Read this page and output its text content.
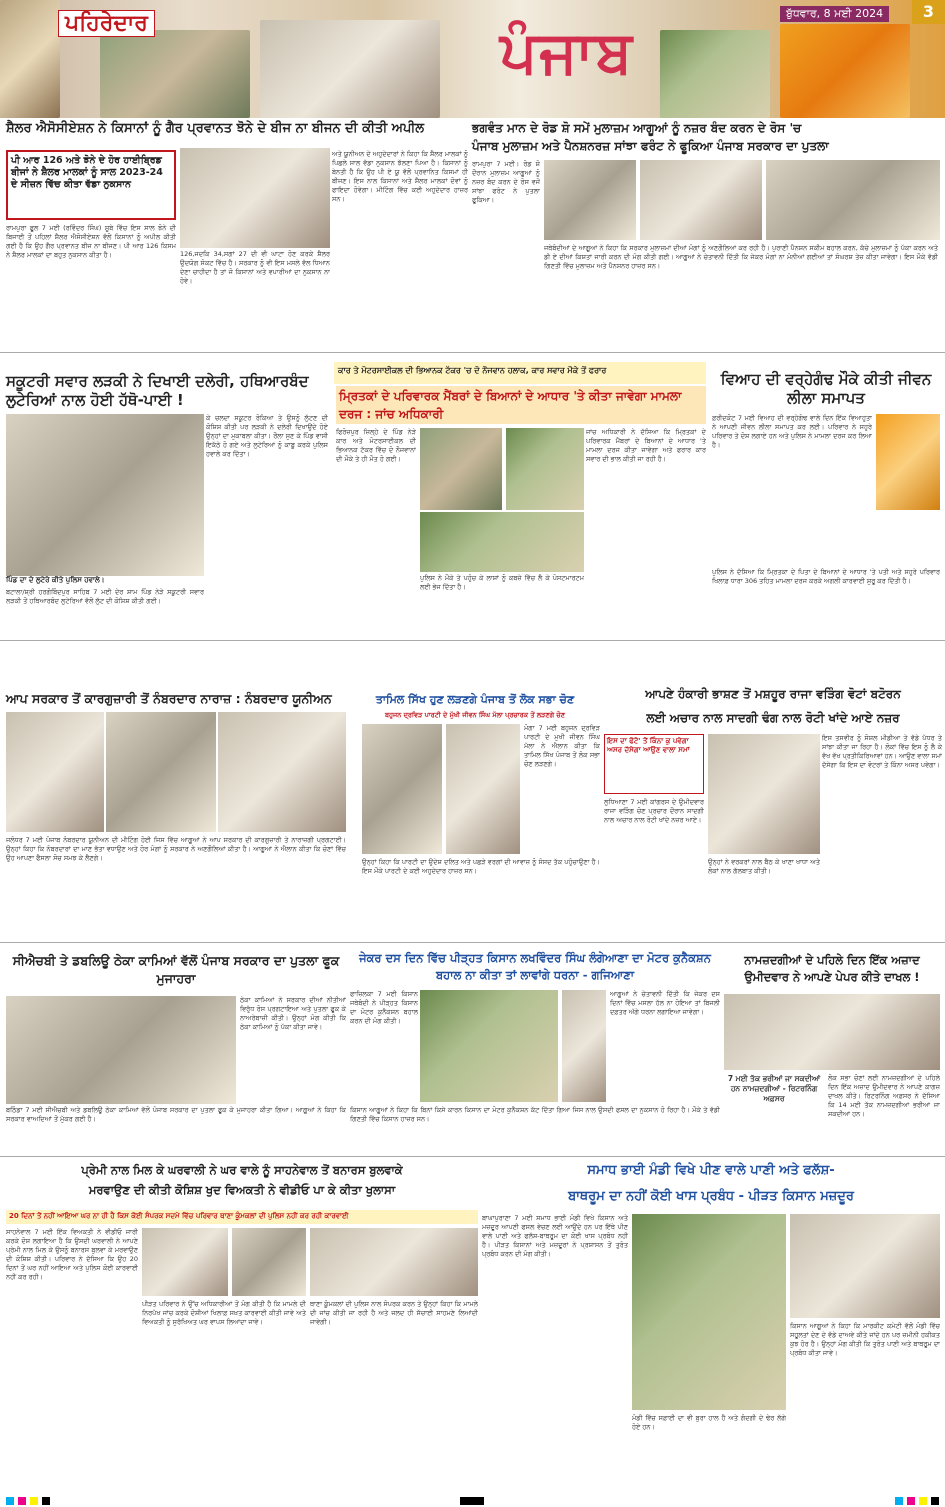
ਪਹਿਰੇਦਾਰ	ਪੰਜਾਬ
ਬੁੱਧਵਾਰ, 8 ਮਈ 2024	3
ਸ਼ੈਲਰ ਐਸੋਸੀਏਸ਼ਨ ਨੇ ਕਿਸਾਨਾਂ ਨੂੰ ਗੈਰ ਪ੍ਰਵਾਨਤ ਝੋਨੇ ਦੇ ਬੀਜ ਨਾ ਬੀਜਨ ਦੀ ਕੀਤੀ ਅਪੀਲ
ਪੀ ਆਰ 126 ਅਤੇ ਝੋਨੇ ਦੇ ਹੋਰ ਹਾਈਬ੍ਰਿਡ ਬੀਜਾਂ ਨੇ ਸ਼ੈਲਰ ਮਾਲਕਾਂ ਨੂੰ ਸਾਲ 2023-24 ਦੇ ਸੀਜ਼ਨ ਵਿੱਚ ਕੀਤਾ ਵੱਡਾ ਨੁਕਸਾਨ
ਅਤੇ ਯੂਨੀਅਨ ਦੇ ਅਹੁਦੇਦਾਰਾਂ ਨੇ ਕਿਹਾ ਕਿ ਸ਼ੈਲਰ ਮਾਲਕਾਂ ਨੂੰ ਪਿਛਲੇ ਸਾਲ ਵੱਡਾ ਨੁਕਸਾਨ ਝੱਲਣਾ ਪਿਆ ਹੈ। ਕਿਸਾਨਾਂ ਨੂੰ ਬੇਨਤੀ ਹੈ ਕਿ ਉਹ ਪੀ ਏ ਯੂ ਵੱਲੋਂ ਪ੍ਰਵਾਨਿਤ ਕਿਸਮਾਂ ਹੀ ਬੀਜਣ। ਇਸ ਨਾਲ ਕਿਸਾਨਾਂ ਅਤੇ ਸ਼ੈਲਰ ਮਾਲਕਾਂ ਦੋਵਾਂ ਨੂੰ ਫਾਇਦਾ ਹੋਵੇਗਾ। ਮੀਟਿੰਗ ਵਿੱਚ ਕਈ ਅਹੁਦੇਦਾਰ ਹਾਜ਼ਰ ਸਨ।
ਰਾਮਪੁਰਾ ਫੂਲ 7 ਮਈ (ਰਵਿੰਦਰ ਸਿੰਘ) ਸੂਬੇ ਵਿੱਚ ਇਸ ਸਾਲ ਝੋਨੇ ਦੀ ਬਿਜਾਈ ਤੋਂ ਪਹਿਲਾਂ ਸ਼ੈਲਰ ਐਸੋਸੀਏਸ਼ਨ ਵੱਲੋਂ ਕਿਸਾਨਾਂ ਨੂੰ ਅਪੀਲ ਕੀਤੀ ਗਈ ਹੈ ਕਿ ਉਹ ਗੈਰ ਪ੍ਰਵਾਨਤ ਬੀਜ ਨਾ ਬੀਜਣ। ਪੀ ਆਰ 126 ਕਿਸਮ ਨੇ ਸ਼ੈਲਰ ਮਾਲਕਾਂ ਦਾ ਬਹੁਤ ਨੁਕਸਾਨ ਕੀਤਾ ਹੈ।	126,ਜਦਕਿ 34,ਸਗਾਂ 27 ਦੀ ਵੀ ਘਾਟਾ ਹੋਣ ਕਰਕੇ ਸ਼ੈਲਰ ਉਦਯੋਗ ਸੰਕਟ ਵਿੱਚ ਹੈ। ਸਰਕਾਰ ਨੂੰ ਵੀ ਇਸ ਮਸਲੇ ਵੱਲ ਧਿਆਨ ਦੇਣਾ ਚਾਹੀਦਾ ਹੈ ਤਾਂ ਜੋ ਕਿਸਾਨਾਂ ਅਤੇ ਵਪਾਰੀਆਂ ਦਾ ਨੁਕਸਾਨ ਨਾ ਹੋਵੇ।
ਭਗਵੰਤ ਮਾਨ ਦੇ ਰੋਡ ਸ਼ੋ ਸਮੇਂ ਮੁਲਾਜ਼ਮ ਆਗੂਆਂ ਨੂੰ ਨਜ਼ਰ ਬੰਦ ਕਰਨ ਦੇ ਰੋਸ 'ਚ
ਪੰਜਾਬ ਮੁਲਾਜ਼ਮ ਅਤੇ ਪੈਨਸ਼ਨਰਜ਼ ਸਾਂਝਾ ਫਰੰਟ ਨੇ ਫੂਕਿਆ ਪੰਜਾਬ ਸਰਕਾਰ ਦਾ ਪੁਤਲਾ
ਰਾਮਪੁਰਾ 7 ਮਈ। ਰੋਡ ਸ਼ੋ ਦੌਰਾਨ ਮੁਲਾਜ਼ਮ ਆਗੂਆਂ ਨੂੰ ਨਜ਼ਰ ਬੰਦ ਕਰਨ ਦੇ ਰੋਸ ਵਜੋਂ ਸਾਂਝਾ ਫਰੰਟ ਨੇ ਪੁਤਲਾ ਫੂਕਿਆ।
ਜਥੇਬੰਦੀਆਂ ਦੇ ਆਗੂਆਂ ਨੇ ਕਿਹਾ ਕਿ ਸਰਕਾਰ ਮੁਲਾਜ਼ਮਾਂ ਦੀਆਂ ਮੰਗਾਂ ਨੂੰ ਅਣਗੌਲਿਆਂ ਕਰ ਰਹੀ ਹੈ। ਪੁਰਾਣੀ ਪੈਨਸ਼ਨ ਸਕੀਮ ਬਹਾਲ ਕਰਨ, ਕੱਚੇ ਮੁਲਾਜ਼ਮਾਂ ਨੂੰ ਪੱਕਾ ਕਰਨ ਅਤੇ ਡੀ ਏ ਦੀਆਂ ਕਿਸ਼ਤਾਂ ਜਾਰੀ ਕਰਨ ਦੀ ਮੰਗ ਕੀਤੀ ਗਈ। ਆਗੂਆਂ ਨੇ ਚੇਤਾਵਨੀ ਦਿੱਤੀ ਕਿ ਜੇਕਰ ਮੰਗਾਂ ਨਾ ਮੰਨੀਆਂ ਗਈਆਂ ਤਾਂ ਸੰਘਰਸ਼ ਤੇਜ਼ ਕੀਤਾ ਜਾਵੇਗਾ। ਇਸ ਮੌਕੇ ਵੱਡੀ ਗਿਣਤੀ ਵਿੱਚ ਮੁਲਾਜ਼ਮ ਅਤੇ ਪੈਨਸ਼ਨਰ ਹਾਜ਼ਰ ਸਨ।
ਸਕੂਟਰੀ ਸਵਾਰ ਲੜਕੀ ਨੇ ਦਿਖਾਈ ਦਲੇਰੀ, ਹਥਿਆਰਬੰਦ ਲੁਟੇਰਿਆਂ ਨਾਲ ਹੋਈ ਹੱਥੋ-ਪਾਈ !
ਪਿੰਡ ਦਾ ਦੇ ਲੁਟੇਰੇ ਕੀਤੇ ਪੁਲਿਸ ਹਵਾਲੇ।
ਕੇ ਚਲਦਾ ਸਕੂਟਰ ਰੋਕਿਆ ਤੇ ਉਸਨੂੰ ਲੁੱਟਣ ਦੀ ਕੋਸ਼ਿਸ਼ ਕੀਤੀ ਪਰ ਲੜਕੀ ਨੇ ਦਲੇਰੀ ਦਿਖਾਉਂਦੇ ਹੋਏ ਉਨ੍ਹਾਂ ਦਾ ਮੁਕਾਬਲਾ ਕੀਤਾ। ਰੌਲਾ ਸੁਣ ਕੇ ਪਿੰਡ ਵਾਸੀ ਇਕੱਠੇ ਹੋ ਗਏ ਅਤੇ ਲੁਟੇਰਿਆਂ ਨੂੰ ਕਾਬੂ ਕਰਕੇ ਪੁਲਿਸ ਹਵਾਲੇ ਕਰ ਦਿੱਤਾ।
ਬਟਾਲਾ/ਸ਼੍ਰੀ ਹਰਗੋਬਿੰਦਪੁਰ ਸਾਹਿਬ 7 ਮਈ ਦੇਰ ਸ਼ਾਮ ਪਿੰਡ ਨੇੜੇ ਸਕੂਟਰੀ ਸਵਾਰ ਲੜਕੀ ਤੋਂ ਹਥਿਆਰਬੰਦ ਲੁਟੇਰਿਆਂ ਵੱਲੋਂ ਲੁੱਟ ਦੀ ਕੋਸ਼ਿਸ਼ ਕੀਤੀ ਗਈ।
ਕਾਰ ਤੇ ਮੋਟਰਸਾਈਕਲ ਦੀ ਭਿਆਨਕ ਟੱਕਰ 'ਚ ਦੋ ਨੌਜਵਾਨ ਹਲਾਕ, ਕਾਰ ਸਵਾਰ ਮੌਕੇ ਤੋਂ ਫਰਾਰ
ਮ੍ਰਿਤਕਾਂ ਦੇ ਪਰਿਵਾਰਕ ਮੈਂਬਰਾਂ ਦੇ ਬਿਆਨਾਂ ਦੇ ਆਧਾਰ 'ਤੇ ਕੀਤਾ ਜਾਵੇਗਾ ਮਾਮਲਾ ਦਰਜ : ਜਾਂਚ ਅਧਿਕਾਰੀ
ਫਿਰੋਜ਼ਪੁਰ ਜ਼ਿਲ੍ਹੇ ਦੇ ਪਿੰਡ ਨੇੜੇ ਕਾਰ ਅਤੇ ਮੋਟਰਸਾਈਕਲ ਦੀ ਭਿਆਨਕ ਟੱਕਰ ਵਿੱਚ ਦੋ ਨੌਜਵਾਨਾਂ ਦੀ ਮੌਕੇ ਤੇ ਹੀ ਮੌਤ ਹੋ ਗਈ।
ਪੁਲਿਸ ਨੇ ਮੌਕੇ ਤੇ ਪਹੁੰਚ ਕੇ ਲਾਸ਼ਾਂ ਨੂੰ ਕਬਜ਼ੇ ਵਿੱਚ ਲੈ ਕੇ ਪੋਸਟਮਾਰਟਮ ਲਈ ਭੇਜ ਦਿੱਤਾ ਹੈ।
ਜਾਂਚ ਅਧਿਕਾਰੀ ਨੇ ਦੱਸਿਆ ਕਿ ਮ੍ਰਿਤਕਾਂ ਦੇ ਪਰਿਵਾਰਕ ਮੈਂਬਰਾਂ ਦੇ ਬਿਆਨਾਂ ਦੇ ਆਧਾਰ 'ਤੇ ਮਾਮਲਾ ਦਰਜ ਕੀਤਾ ਜਾਵੇਗਾ ਅਤੇ ਫਰਾਰ ਕਾਰ ਸਵਾਰ ਦੀ ਭਾਲ ਕੀਤੀ ਜਾ ਰਹੀ ਹੈ।
ਵਿਆਹ ਦੀ ਵਰ੍ਹੇਗੰਢ ਮੌਕੇ ਕੀਤੀ ਜੀਵਨ ਲੀਲਾ ਸਮਾਪਤ
ਫ਼ਰੀਦਕੋਟ 7 ਮਈ ਵਿਆਹ ਦੀ ਵਰ੍ਹੇਗੰਢ ਵਾਲੇ ਦਿਨ ਇੱਕ ਵਿਆਹੁਤਾ ਨੇ ਆਪਣੀ ਜੀਵਨ ਲੀਲਾ ਸਮਾਪਤ ਕਰ ਲਈ। ਪਰਿਵਾਰ ਨੇ ਸਹੁਰੇ ਪਰਿਵਾਰ ਤੇ ਦੋਸ਼ ਲਗਾਏ ਹਨ ਅਤੇ ਪੁਲਿਸ ਨੇ ਮਾਮਲਾ ਦਰਜ ਕਰ ਲਿਆ ਹੈ।
ਪੁਲਿਸ ਨੇ ਦੱਸਿਆ ਕਿ ਮ੍ਰਿਤਕਾ ਦੇ ਪਿਤਾ ਦੇ ਬਿਆਨਾਂ ਦੇ ਆਧਾਰ 'ਤੇ ਪਤੀ ਅਤੇ ਸਹੁਰੇ ਪਰਿਵਾਰ ਖਿਲਾਫ਼ ਧਾਰਾ 306 ਤਹਿਤ ਮਾਮਲਾ ਦਰਜ ਕਰਕੇ ਅਗਲੀ ਕਾਰਵਾਈ ਸ਼ੁਰੂ ਕਰ ਦਿੱਤੀ ਹੈ।
ਆਪ ਸਰਕਾਰ ਤੋਂ ਕਾਰਗੁਜ਼ਾਰੀ ਤੋਂ ਨੰਬਰਦਾਰ ਨਾਰਾਜ਼ : ਨੰਬਰਦਾਰ ਯੂਨੀਅਨ
ਜਲੰਧਰ 7 ਮਈ ਪੰਜਾਬ ਨੰਬਰਦਾਰ ਯੂਨੀਅਨ ਦੀ ਮੀਟਿੰਗ ਹੋਈ ਜਿਸ ਵਿੱਚ ਆਗੂਆਂ ਨੇ ਆਪ ਸਰਕਾਰ ਦੀ ਕਾਰਗੁਜ਼ਾਰੀ ਤੇ ਨਾਰਾਜ਼ਗੀ ਪ੍ਰਗਟਾਈ। ਉਨ੍ਹਾਂ ਕਿਹਾ ਕਿ ਨੰਬਰਦਾਰਾਂ ਦਾ ਮਾਣ ਭੱਤਾ ਵਧਾਉਣ ਅਤੇ ਹੋਰ ਮੰਗਾਂ ਨੂੰ ਸਰਕਾਰ ਨੇ ਅਣਗੌਲਿਆਂ ਕੀਤਾ ਹੈ। ਆਗੂਆਂ ਨੇ ਐਲਾਨ ਕੀਤਾ ਕਿ ਚੋਣਾਂ ਵਿੱਚ ਉਹ ਆਪਣਾ ਫੈਸਲਾ ਸੋਚ ਸਮਝ ਕੇ ਲੈਣਗੇ।
ਤਾਮਿਲ ਸਿੱਖ ਹੁਣ ਲੜਣਗੇ ਪੰਜਾਬ ਤੋਂ ਲੋਕ ਸਭਾ ਚੋਣ
ਬਹੁਜਨ ਦ੍ਰਵਿੜ ਪਾਰਟੀ ਦੇ ਮੁੱਖੀ ਜੀਵਨ ਸਿੰਘ ਮੱਲਾ ਪ੍ਰਚਾਰਕ ਤੋਂ ਲੜਣਗੇ ਚੋਣ
ਮੋਗਾ 7 ਮਈ ਬਹੁਜਨ ਦ੍ਰਵਿੜ ਪਾਰਟੀ ਦੇ ਮੁਖੀ ਜੀਵਨ ਸਿੰਘ ਮੱਲਾ ਨੇ ਐਲਾਨ ਕੀਤਾ ਕਿ ਤਾਮਿਲ ਸਿੱਖ ਪੰਜਾਬ ਤੋਂ ਲੋਕ ਸਭਾ ਚੋਣ ਲੜਣਗੇ।
ਉਨ੍ਹਾਂ ਕਿਹਾ ਕਿ ਪਾਰਟੀ ਦਾ ਉਦੇਸ਼ ਦਲਿਤ ਅਤੇ ਪਛੜੇ ਵਰਗਾਂ ਦੀ ਆਵਾਜ਼ ਨੂੰ ਸੰਸਦ ਤੱਕ ਪਹੁੰਚਾਉਣਾ ਹੈ। ਇਸ ਮੌਕੇ ਪਾਰਟੀ ਦੇ ਕਈ ਅਹੁਦੇਦਾਰ ਹਾਜ਼ਰ ਸਨ।
ਆਪਣੇ ਹੰਕਾਰੀ ਭਾਸ਼ਣ ਤੋਂ ਮਸ਼ਹੂਰ ਰਾਜਾ ਵੜਿੰਗ ਵੋਟਾਂ ਬਟੋਰਨ
ਲਈ ਅਚਾਰ ਨਾਲ ਸਾਦਗੀ ਢੰਗ ਨਾਲ ਰੋਟੀ ਖਾਂਦੇ ਆਏ ਨਜ਼ਰ
ਇਸ ਦਾ ਫੋਟੋ' ਤੋਂ ਕਿੰਨਾ ਕੁ ਪਵੇਗਾ ਅਸਰ ਦੱਸੇਗਾ ਆਉਣ ਵਾਲਾ ਸਮਾਂ
ਲੁਧਿਆਣਾ 7 ਮਈ ਕਾਂਗਰਸ ਦੇ ਉਮੀਦਵਾਰ ਰਾਜਾ ਵੜਿੰਗ ਚੋਣ ਪ੍ਰਚਾਰ ਦੌਰਾਨ ਸਾਦਗੀ ਨਾਲ ਅਚਾਰ ਨਾਲ ਰੋਟੀ ਖਾਂਦੇ ਨਜ਼ਰ ਆਏ।
ਇਸ ਤਸਵੀਰ ਨੂੰ ਸੋਸ਼ਲ ਮੀਡੀਆ ਤੇ ਵੱਡੇ ਪੱਧਰ ਤੇ ਸਾਂਝਾ ਕੀਤਾ ਜਾ ਰਿਹਾ ਹੈ। ਲੋਕਾਂ ਵਿੱਚ ਇਸ ਨੂੰ ਲੈ ਕੇ ਵੱਖ ਵੱਖ ਪ੍ਰਤੀਕਿਰਿਆਵਾਂ ਹਨ। ਆਉਣ ਵਾਲਾ ਸਮਾਂ ਦੱਸੇਗਾ ਕਿ ਇਸ ਦਾ ਵੋਟਰਾਂ ਤੇ ਕਿੰਨਾ ਅਸਰ ਪਵੇਗਾ।
ਉਨ੍ਹਾਂ ਨੇ ਵਰਕਰਾਂ ਨਾਲ ਬੈਠ ਕੇ ਖਾਣਾ ਖਾਧਾ ਅਤੇ ਲੋਕਾਂ ਨਾਲ ਗੱਲਬਾਤ ਕੀਤੀ।
ਸੀਐਚਬੀ ਤੇ ਡਬਲਿਊ ਠੇਕਾ ਕਾਮਿਆਂ ਵੱਲੋਂ ਪੰਜਾਬ ਸਰਕਾਰ ਦਾ ਪੁਤਲਾ ਫੂਕ ਮੁਜਾਹਰਾ
ਠੇਕਾ ਕਾਮਿਆਂ ਨੇ ਸਰਕਾਰ ਦੀਆਂ ਨੀਤੀਆਂ ਵਿਰੁੱਧ ਰੋਸ ਪ੍ਰਗਟਾਇਆ ਅਤੇ ਪੁਤਲਾ ਫੂਕ ਕੇ ਨਾਅਰੇਬਾਜ਼ੀ ਕੀਤੀ। ਉਨ੍ਹਾਂ ਮੰਗ ਕੀਤੀ ਕਿ ਠੇਕਾ ਕਾਮਿਆਂ ਨੂੰ ਪੱਕਾ ਕੀਤਾ ਜਾਵੇ।
ਬਠਿੰਡਾ 7 ਮਈ ਸੀਐਚਬੀ ਅਤੇ ਡਬਲਿਊ ਠੇਕਾ ਕਾਮਿਆਂ ਵੱਲੋਂ ਪੰਜਾਬ ਸਰਕਾਰ ਦਾ ਪੁਤਲਾ ਫੂਕ ਕੇ ਮੁਜਾਹਰਾ ਕੀਤਾ ਗਿਆ। ਆਗੂਆਂ ਨੇ ਕਿਹਾ ਕਿ ਸਰਕਾਰ ਵਾਅਦਿਆਂ ਤੋਂ ਮੁੱਕਰ ਗਈ ਹੈ।
ਜੇਕਰ ਦਸ ਦਿਨ ਵਿੱਚ ਪੀੜ੍ਹਤ ਕਿਸਾਨ ਲਖਵਿੰਦਰ ਸਿੰਘ ਲੰਗੇਆਣਾ ਦਾ ਮੋਟਰ ਕੁਨੈਕਸ਼ਨ ਬਹਾਲ ਨਾ ਕੀਤਾ ਤਾਂ ਲਾਵਾਂਗੇ ਧਰਨਾ - ਗਜਿਆਣਾ
ਫਾਜ਼ਿਲਕਾ 7 ਮਈ ਕਿਸਾਨ ਜਥੇਬੰਦੀ ਨੇ ਪੀੜ੍ਹਤ ਕਿਸਾਨ ਦਾ ਮੋਟਰ ਕੁਨੈਕਸ਼ਨ ਬਹਾਲ ਕਰਨ ਦੀ ਮੰਗ ਕੀਤੀ।
ਆਗੂਆਂ ਨੇ ਚੇਤਾਵਨੀ ਦਿੱਤੀ ਕਿ ਜੇਕਰ ਦਸ ਦਿਨਾਂ ਵਿੱਚ ਮਸਲਾ ਹੱਲ ਨਾ ਹੋਇਆ ਤਾਂ ਬਿਜਲੀ ਦਫ਼ਤਰ ਅੱਗੇ ਧਰਨਾ ਲਗਾਇਆ ਜਾਵੇਗਾ।
ਕਿਸਾਨ ਆਗੂਆਂ ਨੇ ਕਿਹਾ ਕਿ ਬਿਨਾਂ ਕਿਸੇ ਕਾਰਨ ਕਿਸਾਨ ਦਾ ਮੋਟਰ ਕੁਨੈਕਸ਼ਨ ਕੱਟ ਦਿੱਤਾ ਗਿਆ ਜਿਸ ਨਾਲ ਉਸਦੀ ਫਸਲ ਦਾ ਨੁਕਸਾਨ ਹੋ ਰਿਹਾ ਹੈ। ਮੌਕੇ ਤੇ ਵੱਡੀ ਗਿਣਤੀ ਵਿੱਚ ਕਿਸਾਨ ਹਾਜ਼ਰ ਸਨ।
ਨਾਮਜ਼ਦਗੀਆਂ ਦੇ ਪਹਿਲੇ ਦਿਨ ਇੱਕ ਅਜ਼ਾਦ ਉਮੀਦਵਾਰ ਨੇ ਆਪਣੇ ਪੇਪਰ ਕੀਤੇ ਦਾਖਲ !
7 ਮਈ ਤੱਕ ਭਰੀਆਂ ਜਾ ਸਕਦੀਆਂ ਹਨ ਨਾਮਜ਼ਦਗੀਆਂ - ਰਿਟਰਨਿੰਗ ਅਫ਼ਸਰ
ਲੋਕ ਸਭਾ ਚੋਣਾਂ ਲਈ ਨਾਮਜ਼ਦਗੀਆਂ ਦੇ ਪਹਿਲੇ ਦਿਨ ਇੱਕ ਅਜ਼ਾਦ ਉਮੀਦਵਾਰ ਨੇ ਆਪਣੇ ਕਾਗਜ਼ ਦਾਖਲ ਕੀਤੇ। ਰਿਟਰਨਿੰਗ ਅਫ਼ਸਰ ਨੇ ਦੱਸਿਆ ਕਿ 14 ਮਈ ਤੱਕ ਨਾਮਜ਼ਦਗੀਆਂ ਭਰੀਆਂ ਜਾ ਸਕਦੀਆਂ ਹਨ।
ਪ੍ਰੇਮੀ ਨਾਲ ਮਿਲ ਕੇ ਘਰਵਾਲੀ ਨੇ ਘਰ ਵਾਲੇ ਨੂੰ ਸਾਹਨੇਵਾਲ ਤੋਂ ਬਨਾਰਸ ਬੁਲਵਾਕੇ
ਮਰਵਾਉਣ ਦੀ ਕੀਤੀ ਕੋਸ਼ਿਸ਼ ਖੁਦ ਵਿਅਕਤੀ ਨੇ ਵੀਡੀਓ ਪਾ ਕੇ ਕੀਤਾ ਖੁਲਾਸਾ
20 ਦਿਨਾਂ ਤੋਂ ਨਹੀਂ ਆਇਆ ਘਰ ਨਾ ਹੀ ਹੈ ਕਿਸ ਕੋਈ ਸੰਪਰਕ ਸਦਮੇ ਵਿੱਚ ਪਰਿਵਾਰ ਥਾਣਾ ਕੂੰਮਕਲਾਂ ਦੀ ਪੁਲਿਸ ਨਹੀਂ ਕਰ ਰਹੀ ਕਾਰਵਾਈ
ਸਾਹਨੇਵਾਲ 7 ਮਈ ਇੱਕ ਵਿਅਕਤੀ ਨੇ ਵੀਡੀਓ ਜਾਰੀ ਕਰਕੇ ਦੋਸ਼ ਲਗਾਇਆ ਹੈ ਕਿ ਉਸਦੀ ਘਰਵਾਲੀ ਨੇ ਆਪਣੇ ਪ੍ਰੇਮੀ ਨਾਲ ਮਿਲ ਕੇ ਉਸਨੂੰ ਬਨਾਰਸ ਬੁਲਵਾ ਕੇ ਮਰਵਾਉਣ ਦੀ ਕੋਸ਼ਿਸ਼ ਕੀਤੀ। ਪਰਿਵਾਰ ਨੇ ਦੱਸਿਆ ਕਿ ਉਹ 20 ਦਿਨਾਂ ਤੋਂ ਘਰ ਨਹੀਂ ਆਇਆ ਅਤੇ ਪੁਲਿਸ ਕੋਈ ਕਾਰਵਾਈ ਨਹੀਂ ਕਰ ਰਹੀ।
ਪੀੜਤ ਪਰਿਵਾਰ ਨੇ ਉੱਚ ਅਧਿਕਾਰੀਆਂ ਤੋਂ ਮੰਗ ਕੀਤੀ ਹੈ ਕਿ ਮਾਮਲੇ ਦੀ ਨਿਰਪੱਖ ਜਾਂਚ ਕਰਕੇ ਦੋਸ਼ੀਆਂ ਖਿਲਾਫ਼ ਸਖ਼ਤ ਕਾਰਵਾਈ ਕੀਤੀ ਜਾਵੇ ਅਤੇ ਵਿਅਕਤੀ ਨੂੰ ਸੁਰੱਖਿਅਤ ਘਰ ਵਾਪਸ ਲਿਆਂਦਾ ਜਾਵੇ।
ਥਾਣਾ ਕੂੰਮਕਲਾਂ ਦੀ ਪੁਲਿਸ ਨਾਲ ਸੰਪਰਕ ਕਰਨ ਤੇ ਉਨ੍ਹਾਂ ਕਿਹਾ ਕਿ ਮਾਮਲੇ ਦੀ ਜਾਂਚ ਕੀਤੀ ਜਾ ਰਹੀ ਹੈ ਅਤੇ ਜਲਦ ਹੀ ਸੱਚਾਈ ਸਾਹਮਣੇ ਲਿਆਂਦੀ ਜਾਵੇਗੀ।
ਸਮਾਧ ਭਾਈ ਮੰਡੀ ਵਿਖੇ ਪੀਣ ਵਾਲੇ ਪਾਣੀ ਅਤੇ ਫਲੱਸ਼-
ਬਾਥਰੂਮ ਦਾ ਨਹੀਂ ਕੋਈ ਖਾਸ ਪ੍ਰਬੰਧ - ਪੀੜਤ ਕਿਸਾਨ ਮਜ਼ਦੂਰ
ਬਾਘਾਪੁਰਾਣਾ 7 ਮਈ ਸਮਾਧ ਭਾਈ ਮੰਡੀ ਵਿਖੇ ਕਿਸਾਨ ਅਤੇ ਮਜ਼ਦੂਰ ਆਪਣੀ ਫਸਲ ਵੇਚਣ ਲਈ ਆਉਂਦੇ ਹਨ ਪਰ ਇੱਥੇ ਪੀਣ ਵਾਲੇ ਪਾਣੀ ਅਤੇ ਫਲੱਸ਼-ਬਾਥਰੂਮ ਦਾ ਕੋਈ ਖਾਸ ਪ੍ਰਬੰਧ ਨਹੀਂ ਹੈ। ਪੀੜਤ ਕਿਸਾਨਾਂ ਅਤੇ ਮਜ਼ਦੂਰਾਂ ਨੇ ਪ੍ਰਸ਼ਾਸਨ ਤੋਂ ਤੁਰੰਤ ਪ੍ਰਬੰਧ ਕਰਨ ਦੀ ਮੰਗ ਕੀਤੀ।
ਮੰਡੀ ਵਿੱਚ ਸਫ਼ਾਈ ਦਾ ਵੀ ਬੁਰਾ ਹਾਲ ਹੈ ਅਤੇ ਗੰਦਗੀ ਦੇ ਢੇਰ ਲੱਗੇ ਹੋਏ ਹਨ।
ਕਿਸਾਨ ਆਗੂਆਂ ਨੇ ਕਿਹਾ ਕਿ ਮਾਰਕੀਟ ਕਮੇਟੀ ਵੱਲੋਂ ਮੰਡੀ ਵਿੱਚ ਸਹੂਲਤਾਂ ਦੇਣ ਦੇ ਵੱਡੇ ਦਾਅਵੇ ਕੀਤੇ ਜਾਂਦੇ ਹਨ ਪਰ ਜ਼ਮੀਨੀ ਹਕੀਕਤ ਕੁਝ ਹੋਰ ਹੈ। ਉਨ੍ਹਾਂ ਮੰਗ ਕੀਤੀ ਕਿ ਤੁਰੰਤ ਪਾਣੀ ਅਤੇ ਬਾਥਰੂਮ ਦਾ ਪ੍ਰਬੰਧ ਕੀਤਾ ਜਾਵੇ।
